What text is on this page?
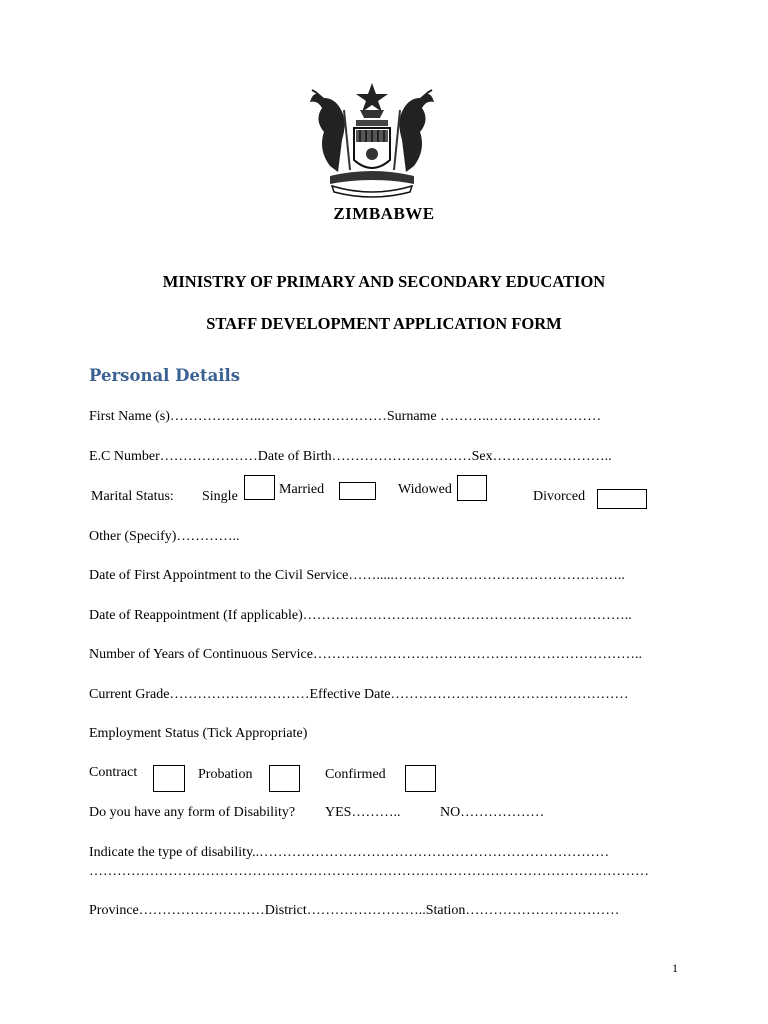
ZIMBABWE
MINISTRY OF PRIMARY AND SECONDARY EDUCATION
STAFF DEVELOPMENT APPLICATION FORM
Personal Details
First Name (s)………………..………………………Surname ………..……………………
E.C Number…………………Date of Birth…………………………Sex……………………..
Marital Status: Single	Married	Widowed	Divorced
Other (Specify)…………..
Date of First Appointment to the Civil Service…….....…………………………………………..
Date of Reappointment (If applicable)……………………………………………………………..
Number of Years of Continuous Service……………………………………………………………..
Current Grade…………………………Effective Date……………………………………………
Employment Status (Tick Appropriate)
Contract	Probation	Confirmed
Do you have any form of Disability? YES………..	NO………………
Indicate the type of disability..…………………………………………………………………
…………………………………………………………………………………………………………
Province………………………District……………………..Station……………………………
1
